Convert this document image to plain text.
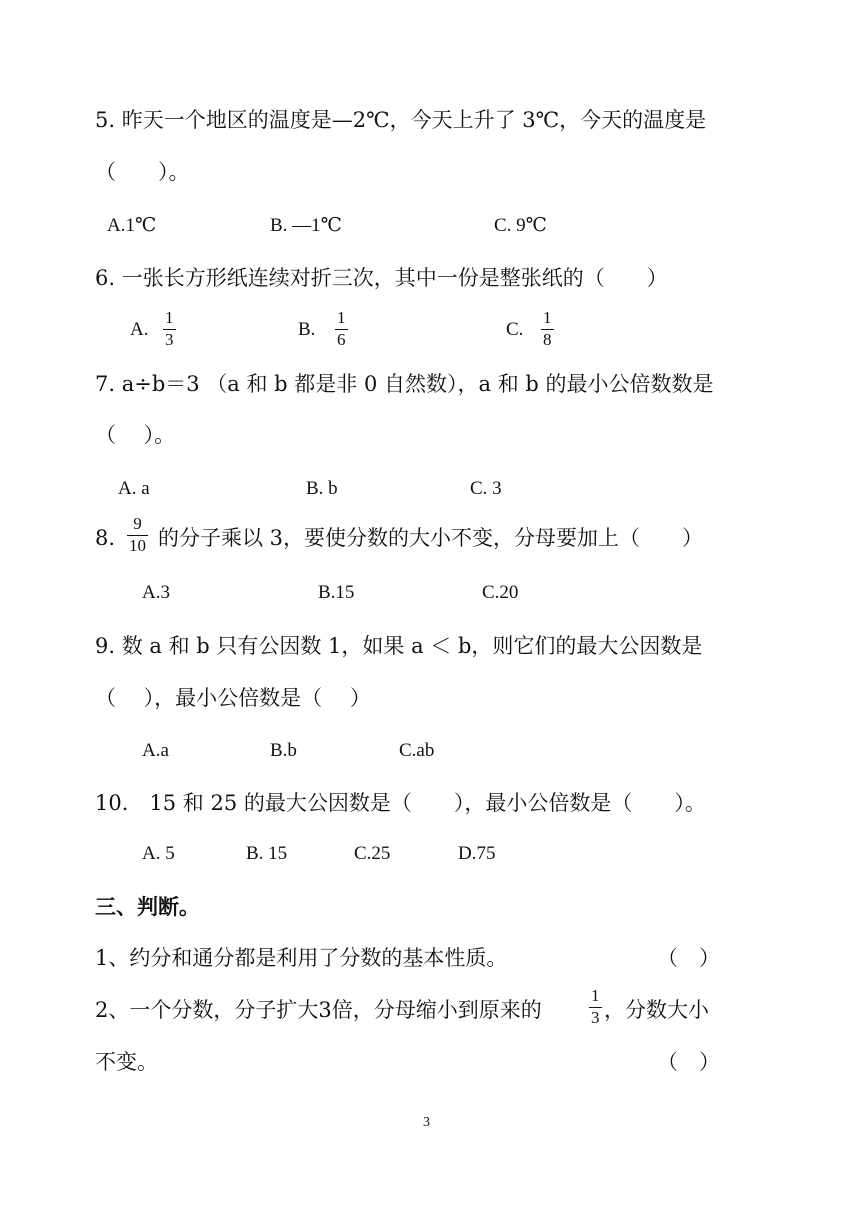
5. 昨天一个地区的温度是—2℃，今天上升了 3℃，今天的温度是
（　　）。
A.1℃	B. —1℃	C. 9℃
6. 一张长方形纸连续对折三次，其中一份是整张纸的（　　）
A.
1
3	B.
1
6	C.
1
8
7. a÷b＝3 （a 和 b 都是非 0 自然数），a 和 b 的最小公倍数数是
（　 ）。
A. a	B. b	C. 3
8.
9
10 的分子乘以 3，要使分数的大小不变，分母要加上（　　）
A.3	B.15	C.20
9. 数 a 和 b 只有公因数 1，如果 a ＜ b，则它们的最大公因数是
（　 ），最小公倍数是（　 ）
A.a	B.b	C.ab
10.　15 和 25 的最大公因数是（　　），最小公倍数是（　　）。
A. 5	B. 15	C.25	D.75
三、判断。
1、约分和通分都是利用了分数的基本性质。	（　）
2、一个分数，分子扩大3倍，分母缩小到原来的
1
3 ，分数大小
不变。	（　）
3
